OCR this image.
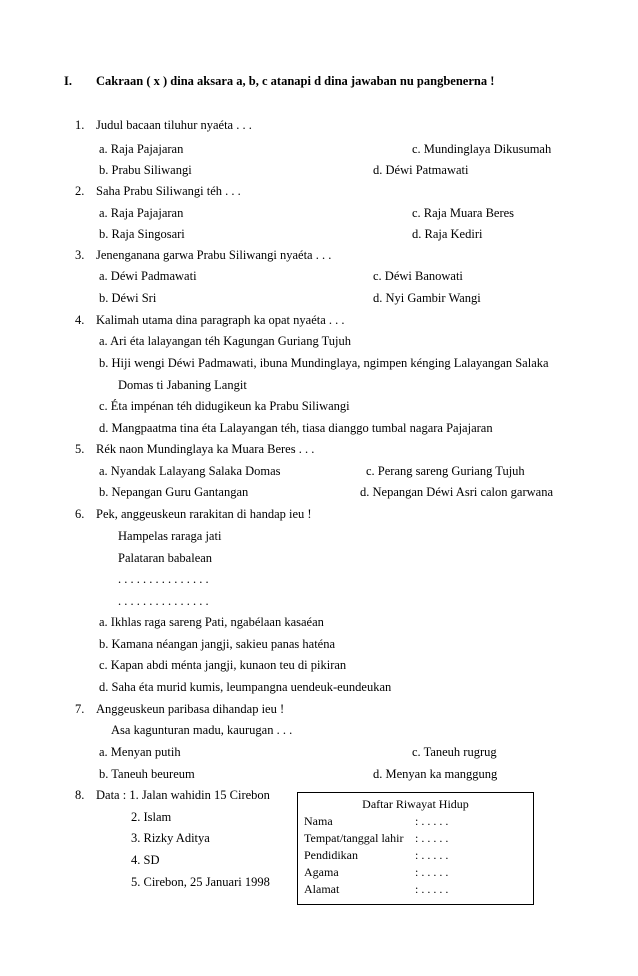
I. Cakraan ( x ) dina aksara a, b, c atanapi d dina jawaban nu pangbenerna !
1. Judul bacaan tiluhur nyaéta . . .
a. Raja Pajajaran	c. Mundinglaya Dikusumah
b. Prabu Siliwangi	d. Déwi Patmawati
2. Saha Prabu Siliwangi téh . . .
a. Raja Pajajaran	c. Raja Muara Beres
b. Raja Singosari	d. Raja Kediri
3. Jenenganana garwa Prabu Siliwangi nyaéta . . .
a. Déwi Padmawati	c. Déwi Banowati
b. Déwi Sri	d. Nyi Gambir Wangi
4. Kalimah utama dina paragraph ka opat nyaéta . . .
a. Ari éta lalayangan téh Kagungan Guriang Tujuh
b. Hiji wengi Déwi Padmawati, ibuna Mundinglaya, ngimpen kénging Lalayangan Salaka
Domas ti Jabaning Langit
c. Éta impénan téh didugikeun ka Prabu Siliwangi
d. Mangpaatma tina éta Lalayangan téh, tiasa dianggo tumbal nagara Pajajaran
5. Rék naon Mundinglaya ka Muara Beres . . .
a. Nyandak Lalayang Salaka Domas	c. Perang sareng Guriang Tujuh
b. Nepangan Guru Gantangan	d. Nepangan Déwi Asri calon garwana
6. Pek, anggeuskeun rarakitan di handap ieu !
Hampelas raraga jati
Palataran babalean
. . . . . . . . . . . . . . .
. . . . . . . . . . . . . . .
a. Ikhlas raga sareng Pati, ngabélaan kasaéan
b. Kamana néangan jangji, sakieu panas haténa
c. Kapan abdi ménta jangji, kunaon teu di pikiran
d. Saha éta murid kumis, leumpangna uendeuk-eundeukan
7. Anggeuskeun paribasa dihandap ieu !
Asa kagunturan madu, kaurugan . . .
a. Menyan putih	c. Taneuh rugrug
b. Taneuh beureum	d. Menyan ka manggung
8. Data : 1. Jalan wahidin 15 Cirebon
2. Islam
3. Rizky Aditya
4. SD
5. Cirebon, 25 Januari 1998
Daftar Riwayat Hidup
Nama	: . . . . .
Tempat/tanggal lahir : . . . . .
Pendidikan	: . . . . .
Agama	: . . . . .
Alamat	: . . . . .
